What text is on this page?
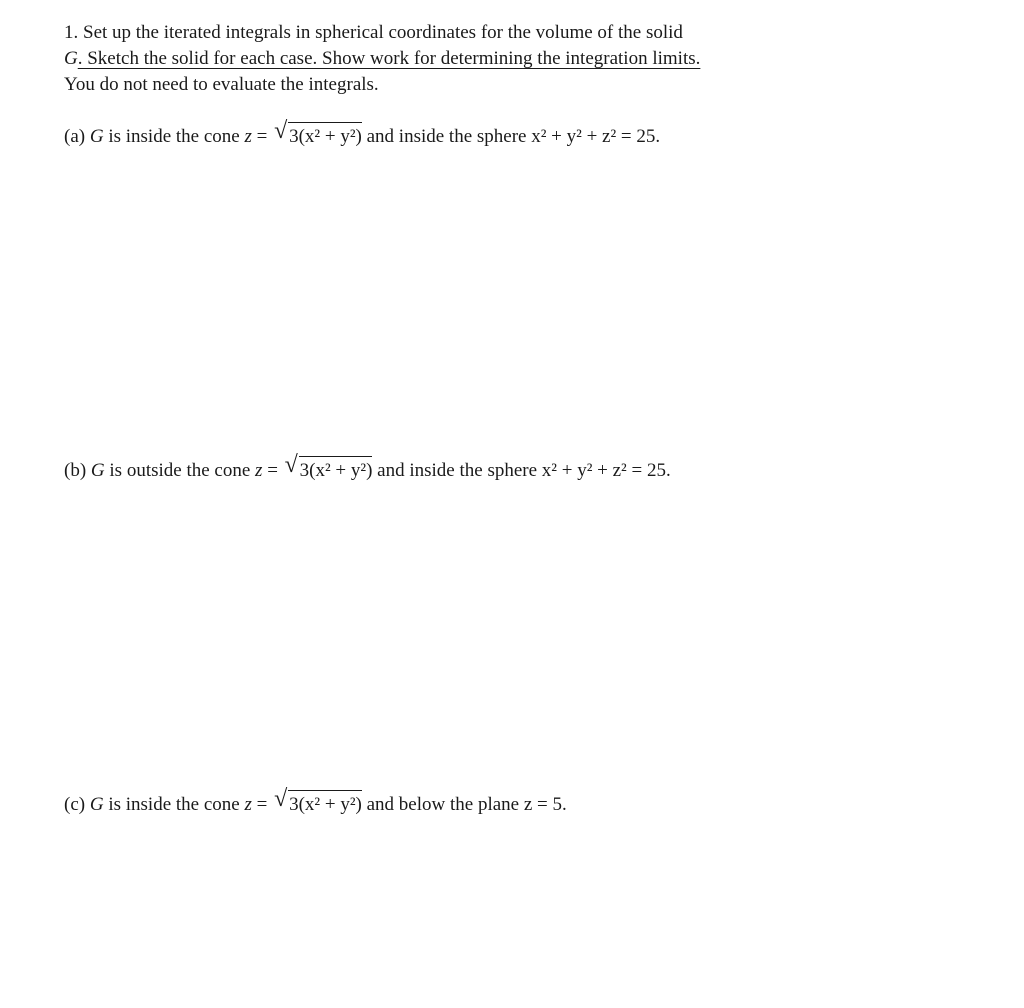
1. Set up the iterated integrals in spherical coordinates for the volume of the solid
G. Sketch the solid for each case. Show work for determining the integration limits.
You do not need to evaluate the integrals.
(a) G is inside the cone z = √ 3(x² + y²) and inside the sphere x² + y² + z² = 25.
(b) G is outside the cone z = √ 3(x² + y²) and inside the sphere x² + y² + z² = 25.
(c) G is inside the cone z = √ 3(x² + y²) and below the plane z = 5.
